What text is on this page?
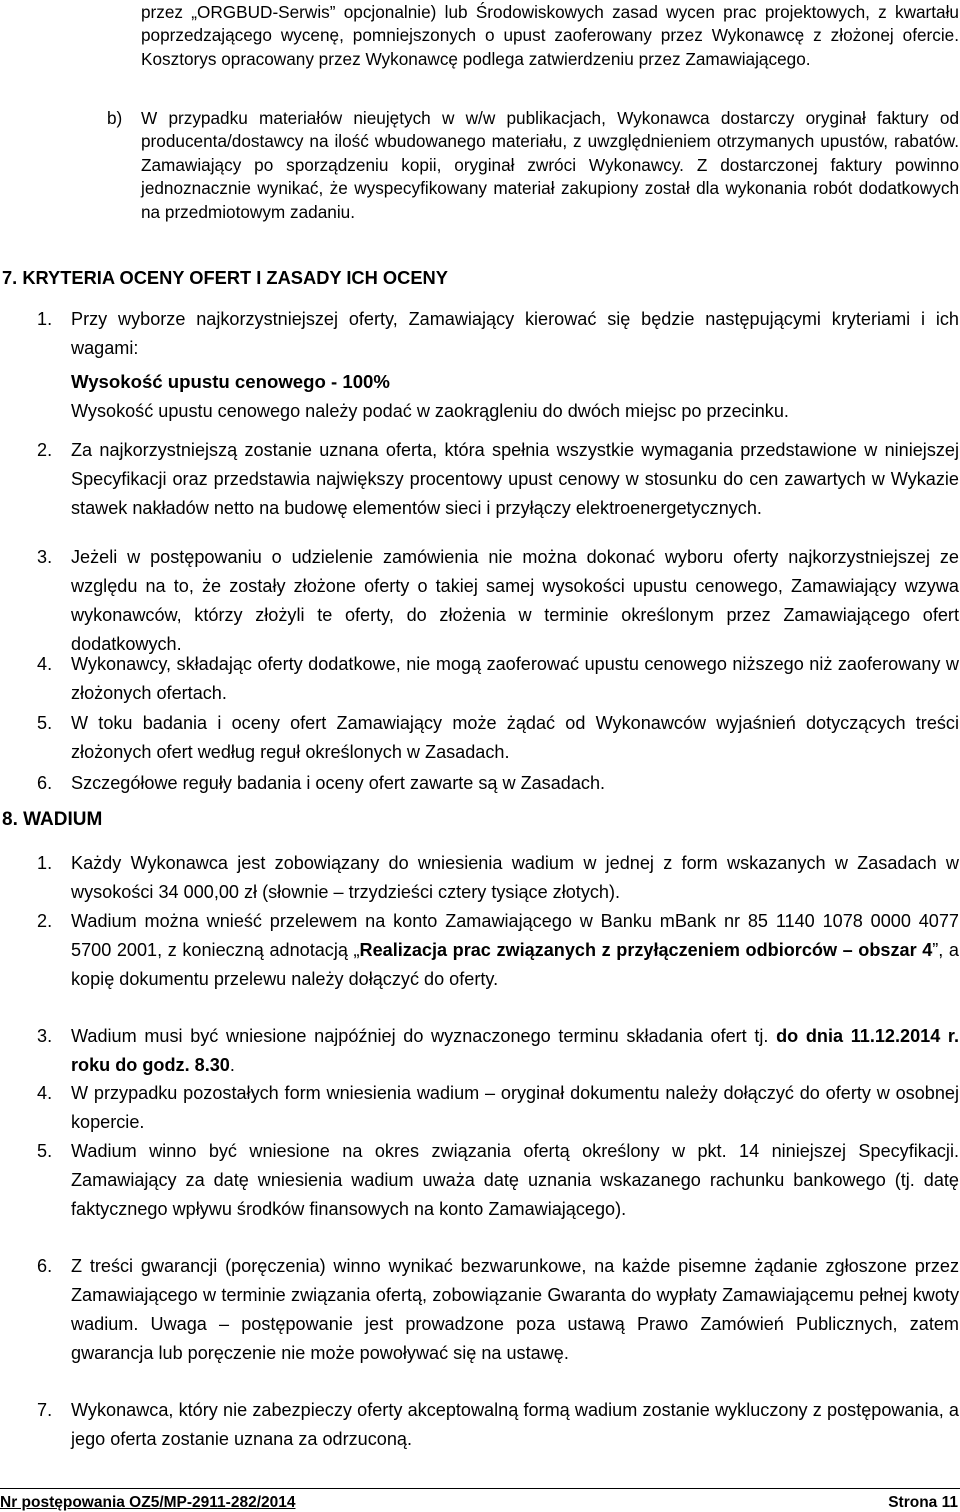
przez „ORGBUD-Serwis” opcjonalnie) lub Środowiskowych zasad wycen prac projektowych, z kwartału poprzedzającego wycenę, pomniejszonych o upust zaoferowany przez Wykonawcę z złożonej ofercie. Kosztorys opracowany przez Wykonawcę podlega zatwierdzeniu przez Zamawiającego.
b) W przypadku materiałów nieujętych w w/w publikacjach, Wykonawca dostarczy oryginał faktury od producenta/dostawcy na ilość wbudowanego materiału, z uwzględnieniem otrzymanych upustów, rabatów. Zamawiający po sporządzeniu kopii, oryginał zwróci Wykonawcy. Z dostarczonej faktury powinno jednoznacznie wynikać, że wyspecyfikowany materiał zakupiony został dla wykonania robót dodatkowych na przedmiotowym zadaniu.
7. KRYTERIA OCENY OFERT I ZASADY ICH OCENY
1. Przy wyborze najkorzystniejszej oferty, Zamawiający kierować się będzie następującymi kryteriami i ich wagami:
Wysokość upustu cenowego - 100%
Wysokość upustu cenowego należy podać w zaokrągleniu do dwóch miejsc po przecinku.
2. Za najkorzystniejszą zostanie uznana oferta, która spełnia wszystkie wymagania przedstawione w niniejszej Specyfikacji oraz przedstawia największy procentowy upust cenowy w stosunku do cen zawartych w Wykazie stawek nakładów netto na budowę elementów sieci i przyłączy elektroenergetycznych.
3. Jeżeli w postępowaniu o udzielenie zamówienia nie można dokonać wyboru oferty najkorzystniejszej ze względu na to, że zostały złożone oferty o takiej samej wysokości upustu cenowego, Zamawiający wzywa wykonawców, którzy złożyli te oferty, do złożenia w terminie określonym przez Zamawiającego ofert dodatkowych.
4. Wykonawcy, składając oferty dodatkowe, nie mogą zaoferować upustu cenowego niższego niż zaoferowany w złożonych ofertach.
5. W toku badania i oceny ofert Zamawiający może żądać od Wykonawców wyjaśnień dotyczących treści złożonych ofert według reguł określonych w Zasadach.
6. Szczegółowe reguły badania i oceny ofert zawarte są w Zasadach.
8. WADIUM
1. Każdy Wykonawca jest zobowiązany do wniesienia wadium w jednej z form wskazanych w Zasadach w wysokości 34 000,00 zł (słownie – trzydzieści cztery tysiące złotych).
2. Wadium można wnieść przelewem na konto Zamawiającego w Banku mBank nr 85 1140 1078 0000 4077 5700 2001, z konieczną adnotacją „Realizacja prac związanych z przyłączeniem odbiorców – obszar 4”, a kopię dokumentu przelewu należy dołączyć do oferty.
3. Wadium musi być wniesione najpóźniej do wyznaczonego terminu składania ofert tj. do dnia 11.12.2014 r. roku do godz. 8.30.
4. W przypadku pozostałych form wniesienia wadium – oryginał dokumentu należy dołączyć do oferty w osobnej kopercie.
5. Wadium winno być wniesione na okres związania ofertą określony w pkt. 14 niniejszej Specyfikacji. Zamawiający za datę wniesienia wadium uważa datę uznania wskazanego rachunku bankowego (tj. datę faktycznego wpływu środków finansowych na konto Zamawiającego).
6. Z treści gwarancji (poręczenia) winno wynikać bezwarunkowe, na każde pisemne żądanie zgłoszone przez Zamawiającego w terminie związania ofertą, zobowiązanie Gwaranta do wypłaty Zamawiającemu pełnej kwoty wadium. Uwaga – postępowanie jest prowadzone poza ustawą Prawo Zamówień Publicznych, zatem gwarancja lub poręczenie nie może powoływać się na ustawę.
7. Wykonawca, który nie zabezpieczy oferty akceptowalną formą wadium zostanie wykluczony z postępowania, a jego oferta zostanie uznana za odrzuconą.
Nr postępowania OZ5/MP-2911-282/2014	Strona 11
